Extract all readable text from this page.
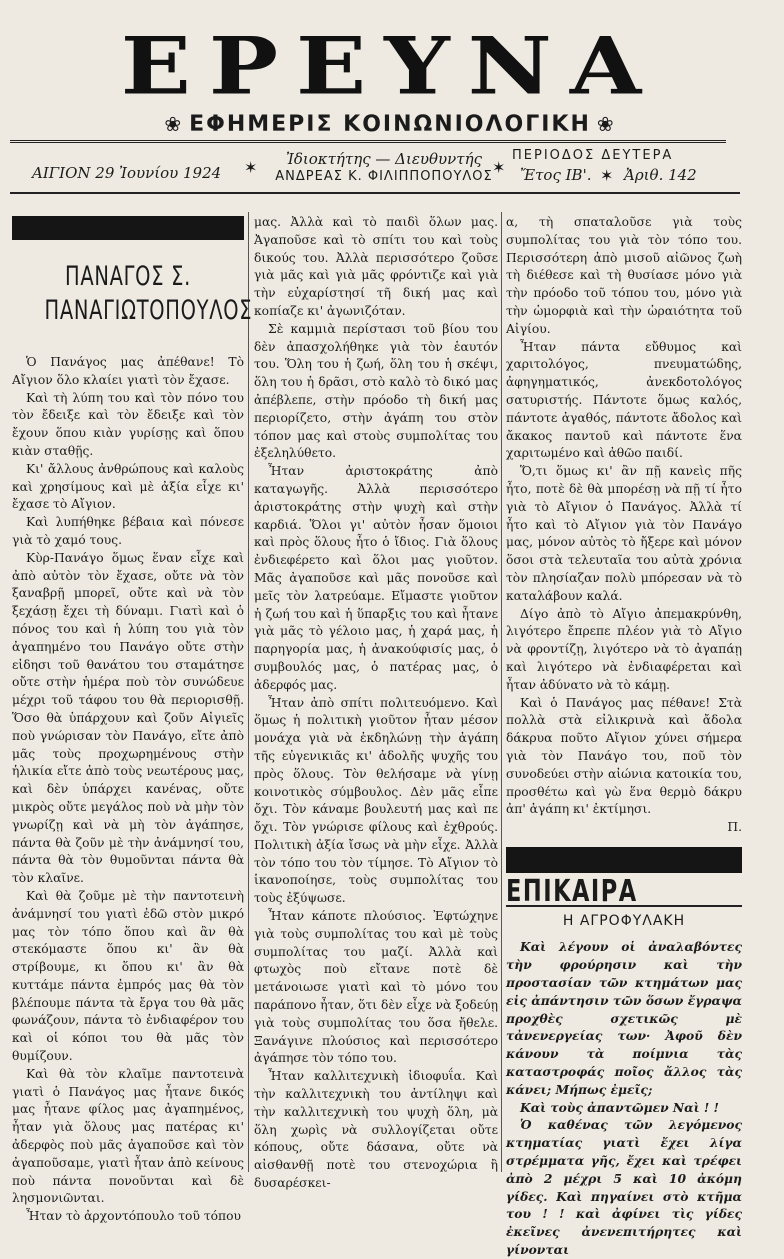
ΕΡΕΥΝΑ
❀ ΕΦΗΜΕΡΙΣ ΚΟΙΝΩΝΙΟΛΟΓΙΚΗ ❀
ΑΙΓΙΟΝ 29 Ἰουνίου 1924 ✶	Ἰδιοκτήτης — Διευθυντής
ΑΝΔΡΕΑΣ Κ. ΦΙΛΙΠΠΟΠΟΥΛΟΣ ✶
ΠΕΡΙΟΔΟΣ ΔΕΥΤΕΡΑ
Ἔτος ΙΒ'. ✶ Ἀριθ. 142
ΠΑΝΑΓΟΣ Σ.
ΠΑΝΑΓΙΩΤΟΠΟΥΛΟΣ

Ὁ Πανάγος μας ἀπέθανε! Τὸ Αἴγιον ὅλο κλαίει γιατὶ τὸν ἔχασε.

Καὶ τὴ λύπη του καὶ τὸν πόνο του τὸν ἔδειξε καὶ τὸν ἔδειξε καὶ τὸν ἔχουν ὅπου κιὰν γυρίσῃς καὶ ὅπου κιὰν σταθῇς.

Κι' ἄλλους ἀνθρώπους καὶ καλοὺς καὶ χρησίμους καὶ μὲ ἀξία εἶχε κι' ἔχασε τὸ Αἴγιον.

Καὶ λυπήθηκε βέβαια καὶ πόνεσε γιὰ τὸ χαμό τους.

Κὺρ-Πανάγο ὅμως ἕναν εἶχε καὶ ἀπὸ αὐτὸν τὸν ἔχασε, οὔτε νὰ τὸν ξαναβρῇ μπορεῖ, οὔτε καὶ νὰ τὸν ξεχάσῃ ἔχει τὴ δύναμι. Γιατὶ καὶ ὁ πόνος του καὶ ἡ λύπη του γιὰ τὸν ἀγαπημένο του Πανάγο οὔτε στὴν εἰδησι τοῦ θανάτου του σταμάτησε οὔτε στὴν ἡμέρα ποὺ τὸν συνώδευε μέχρι τοῦ τάφου του θὰ περιορισθῇ. Ὅσο θὰ ὑπάρχουν καὶ ζοῦν Αἰγιεῖς ποὺ γνώρισαν τὸν Πανάγο, εἴτε ἀπὸ μᾶς τοὺς προχωρημένους στὴν ἡλικία εἴτε ἀπὸ τοὺς νεωτέρους μας, καὶ δὲν ὑπάρχει κανένας, οὔτε μικρὸς οὔτε μεγάλος ποὺ νὰ μὴν τὸν γνωρίζῃ καὶ νὰ μὴ τὸν ἀγάπησε, πάντα θὰ ζοῦν μὲ τὴν ἀνάμνησί του, πάντα θὰ τὸν θυμοῦνται πάντα θὰ τὸν κλαῖνε.

Καὶ θὰ ζοῦμε μὲ τὴν παντοτεινὴ ἀνάμνησί του γιατὶ ἐδῶ στὸν μικρό μας τὸν τόπο ὅπου καὶ ἂν θὰ στεκόμαστε ὅπου κι' ἂν θὰ στρίβουμε, κι ὅπου κι' ἂν θὰ κυττάμε πάντα ἐμπρός μας θὰ τὸν βλέπουμε πάντα τὰ ἔργα του θὰ μᾶς φωνάζουν, πάντα τὸ ἐνδιαφέρον του καὶ οἱ κόποι του θὰ μᾶς τὸν θυμίζουν.

Καὶ θὰ τὸν κλαῖμε παντοτεινὰ γιατὶ ὁ Πανάγος μας ἦτανε δικός μας ἦτανε φίλος μας ἀγαπημένος, ἦταν γιὰ ὅλους μας πατέρας κι' ἀδερφὸς ποὺ μᾶς ἀγαποῦσε καὶ τὸν ἀγαποῦσαμε, γιατὶ ἦταν ἀπὸ κείνους ποὺ πάντα πονοῦνται καὶ δὲ λησμονιῶνται.

Ἦταν τὸ ἀρχοντόπουλο τοῦ τόπου

μας. Ἀλλὰ καὶ τὸ παιδὶ ὅλων μας. Ἀγαποῦσε καὶ τὸ σπίτι του καὶ τοὺς δικούς του. Ἀλλὰ περισσότερο ζοῦσε γιὰ μᾶς καὶ γιὰ μᾶς φρόντιζε καὶ γιὰ τὴν εὐχαρίστησί τῆ δική μας καὶ κοπίαζε κι' ἀγωνιζόταν.

Σὲ καμμιὰ περίστασι τοῦ βίου του δὲν ἀπασχολήθηκε γιὰ τὸν ἑαυτόν του. Ὅλη του ἡ ζωή, ὅλη του ἡ σκέψι, ὅλη του ἡ δρᾶσι, στὸ καλὸ τὸ δικό μας ἀπέβλεπε, στὴν πρόοδο τὴ δική μας περιορίζετο, στὴν ἀγάπη του στὸν τόπον μας καὶ στοὺς συμπολίτας του ἐξεληλύθετο.

Ἦταν ἀριστοκράτης ἀπὸ καταγωγῆς. Ἀλλὰ περισσότερο ἀριστοκράτης στὴν ψυχὴ καὶ στὴν καρδιά. Ὅλοι γι' αὐτὸν ἦσαν ὅμοιοι καὶ πρὸς ὅλους ἦτο ὁ ἴδιος. Γιὰ ὅλους ἐνδιεφέρετο καὶ ὅλοι μας γιοῦτον. Μᾶς ἀγαποῦσε καὶ μᾶς πονοῦσε καὶ μεῖς τὸν λατρεύαμε. Εἴμαστε γιοῦτον ἡ ζωή του καὶ ἡ ὕπαρξις του καὶ ἦτανε γιὰ μᾶς τὸ γέλοιο μας, ἡ χαρά μας, ἡ παρηγορία μας, ἡ ἀνακούφισίς μας, ὁ συμβουλός μας, ὁ πατέρας μας, ὁ ἀδερφός μας.

Ἦταν ἀπὸ σπίτι πολιτευόμενο. Καὶ ὅμως ἡ πολιτικὴ γιοῦτον ἦταν μέσον μονάχα γιὰ νὰ ἐκδηλώνῃ τὴν ἀγάπη τῆς εὐγενικιᾶς κι' ἀδολῆς ψυχῆς του πρὸς ὅλους. Τὸν θελήσαμε νὰ γίνῃ κοινοτικὸς σύμβουλος. Δὲν μᾶς εἶπε ὄχι. Τὸν κάναμε βουλευτή μας καὶ πε ὄχι. Τὸν γνώρισε φίλους καὶ ἐχθρούς. Πολιτικὴ ἀξία ἴσως νὰ μὴν εἶχε. Ἀλλὰ τὸν τόπο του τὸν τίμησε. Τὸ Αἴγιον τὸ ἱκανοποίησε, τοὺς συμπολίτας του τοὺς ἐξύψωσε.

Ἦταν κάποτε πλούσιος. Ἐφτώχηνε γιὰ τοὺς συμπολίτας του καὶ μὲ τοὺς συμπολίτας του μαζί. Ἀλλὰ καὶ φτωχὸς ποὺ εἴτανε ποτὲ δὲ μετάνοιωσε γιατὶ καὶ τὸ μόνο του παράπονο ἦταν, ὅτι δὲν εἶχε νὰ ξοδεύῃ γιὰ τοὺς συμπολίτας του ὅσα ἤθελε. Ξανάγινε πλούσιος καὶ περισσότερο ἀγάπησε τὸν τόπο του.

Ἦταν καλλιτεχνικὴ ἰδιοφυΐα. Καὶ τὴν καλλιτεχνικὴ του ἀντίληψι καὶ τὴν καλλιτεχνικὴ του ψυχὴ ὅλη, μὰ ὅλη χωρὶς νὰ συλλογίζεται οὔτε κόπους, οὔτε δάσανα, οὔτε νὰ αἰσθανθῇ ποτὲ του στενοχώρια ἢ δυσαρέσκει-

α, τὴ σπαταλοῦσε γιὰ τοὺς συμπολίτας του γιὰ τὸν τόπο του. Περισσότερη ἀπὸ μισοῦ αἰῶνος ζωὴ τὴ διέθεσε καὶ τὴ θυσίασε μόνο γιὰ τὴν πρόοδο τοῦ τόπου του, μόνο γιὰ τὴν ὡμορφιὰ καὶ τὴν ὡραιότητα τοῦ Αἰγίου.

Ἦταν πάντα εὔθυμος καὶ χαριτολόγος, πνευματώδης, ἀφηγηματικός, ἀνεκδοτολόγος σατυριστής. Πάντοτε ὅμως καλός, πάντοτε ἀγαθός, πάντοτε ἄδολος καὶ ἄκακος παντοῦ καὶ πάντοτε ἕνα χαριτωμένο καὶ ἀθῶο παιδί.

Ὅ,τι ὅμως κι' ἂν πῇ κανεὶς πῆς ἦτο, ποτὲ δὲ θὰ μπορέσῃ νὰ πῇ τί ἦτο γιὰ τὸ Αἴγιον ὁ Πανάγος. Ἀλλὰ τί ἦτο καὶ τὸ Αἴγιον γιὰ τὸν Πανάγο μας, μόνον αὐτὸς τὸ ἤξερε καὶ μόνον ὅσοι στὰ τελευταῖα του αὐτὰ χρόνια τὸν πλησίαζαν πολὺ μπόρεσαν νὰ τὸ καταλάβουν καλά.

Δίγο ἀπὸ τὸ Αἴγιο ἀπεμακρύνθη, λιγότερο ἔπρεπε πλέον γιὰ τὸ Αἴγιο νὰ φροντίζῃ, λιγότερο νὰ τὸ ἀγαπάῃ καὶ λιγότερο νὰ ἐνδιαφέρεται καὶ ἦταν ἀδύνατο νὰ τὸ κάμῃ.

Καὶ ὁ Πανάγος μας πέθανε! Στὰ πολλὰ στὰ εἰλικρινὰ καὶ ἄδολα δάκρυα ποῦτο Αἴγιον χύνει σήμερα γιὰ τὸν Πανάγο του, ποῦ τὸν συνοδεύει στὴν αἰώνια κατοικία του, προσθέτω καὶ γὼ ἕνα θερμὸ δάκρυ ἀπ' ἀγάπη κι' ἐκτίμησι.

Π.

ΕΠΙΚΑΙΡΑ
Η ΑΓΡΟΦΥΛΑΚΗ

Καὶ λέγουν οἱ ἀναλαβόντες τὴν φρούρησιν καὶ τὴν προστασίαν τῶν κτημάτων μας εἰς ἀπάντησιν τῶν ὅσων ἔγραψα προχθὲς σχετικῶς μὲ τἀνενεργείας των· Ἀφοῦ δὲν κάνουν τὰ ποίμνια τὰς καταστροφάς ποῖος ἄλλος τὰς κάνει; Μήπως ἐμεῖς;

Καὶ τοὺς ἀπαντῶμεν Ναὶ ! !

Ὁ καθένας τῶν λεγόμενος κτηματίας γιατὶ ἔχει λίγα στρέμματα γῆς, ἔχει καὶ τρέφει ἀπὸ 2 μέχρι 5 καὶ 10 ἀκόμη γίδες. Καὶ πηγαίνει στὸ κτῆμα του ! ! καὶ ἀφίνει τὶς γίδες ἐκεῖνες ἀνενεπιτήρητες καὶ γίνονται
